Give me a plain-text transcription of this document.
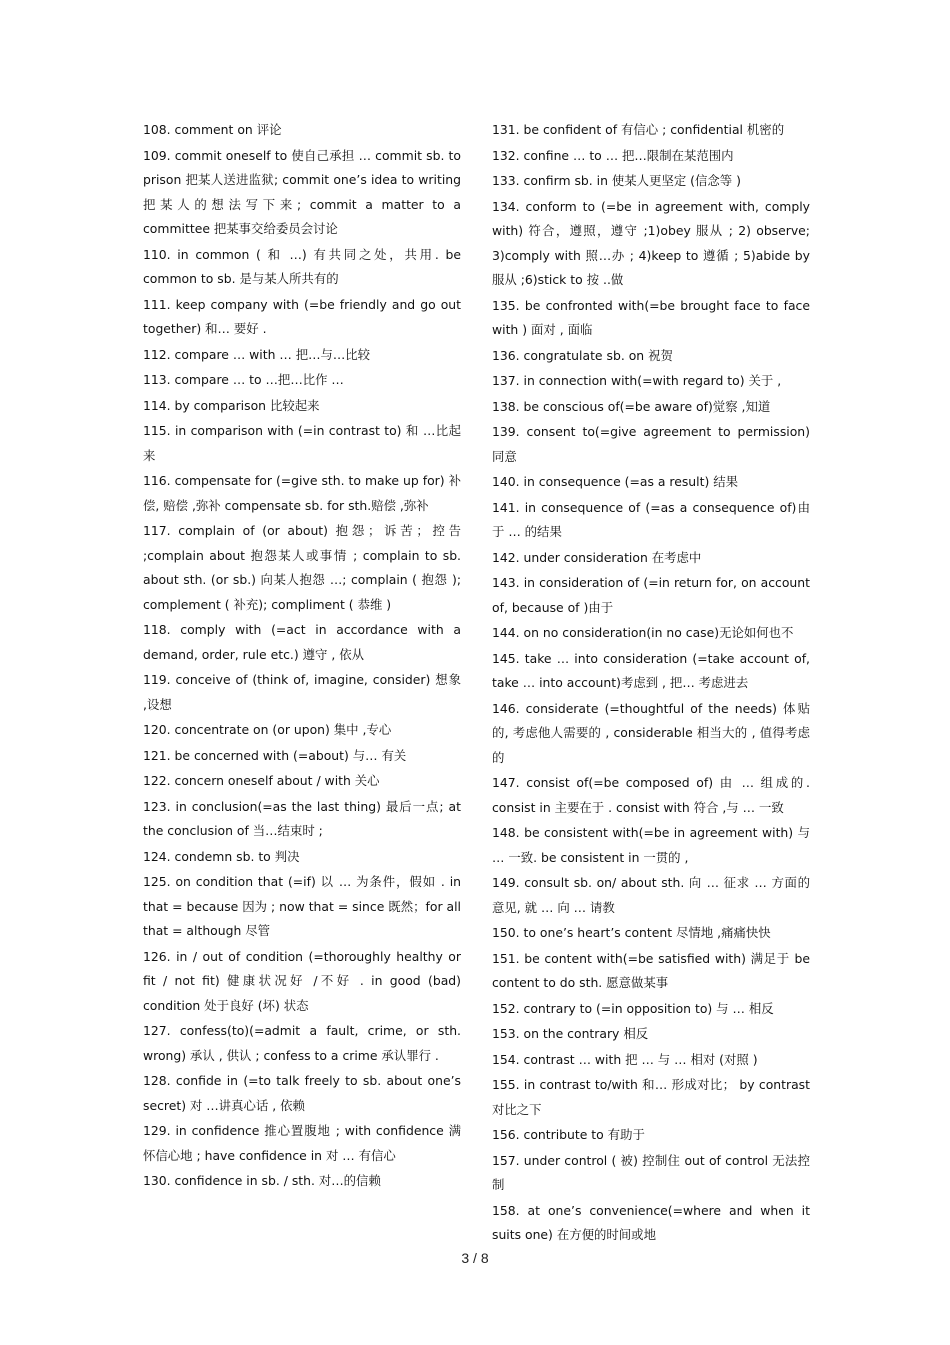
108. comment on 评论

109. commit oneself to 使自己承担 … commit sb. to prison 把某人送进监狱; commit one’s idea to writing 把某人的想法写下来; commit a matter to a committee 把某事交给委员会讨论

110. in common ( 和 …) 有共同之处，共用. be common to sb. 是与某人所共有的

111. keep company with (=be friendly and go out together) 和… 要好 .

112. compare … with … 把…与…比较

113. compare … to …把…比作 …

114. by comparison 比较起来

115. in comparison with (=in contrast to) 和 …比起来

116. compensate for (=give sth. to make up for) 补偿, 赔偿 ,弥补 compensate sb. for sth.赔偿 ,弥补

117. complain of (or about) 抱怨；诉苦；控告 ;complain about 抱怨某人或事情 ; complain to sb. about sth. (or sb.) 向某人抱怨 …; complain ( 抱怨 ); complement ( 补充); compliment ( 恭维 )

118. comply with (=act in accordance with a demand, order, rule etc.) 遵守 , 依从

119. conceive of (think of, imagine, consider) 想象 ,设想

120. concentrate on (or upon) 集中 ,专心

121. be concerned with (=about) 与… 有关

122. concern oneself about / with 关心

123. in conclusion(=as the last thing) 最后一点; at the conclusion of 当…结束时 ;

124. condemn sb. to 判决

125. on condition that (=if) 以 … 为条件，假如 . in that = because 因为 ; now that = since 既然；for all that = although 尽管

126. in / out of condition (=thoroughly healthy or fit / not fit) 健康状况好 /不好 . in good (bad) condition 处于良好 (坏) 状态

127. confess(to)(=admit a fault, crime, or sth. wrong) 承认 , 供认 ; confess to a crime 承认罪行 .

128. confide in (=to talk freely to sb. about one’s secret) 对 …讲真心话 , 依赖

129. in confidence 推心置腹地 ; with confidence 满怀信心地 ; have confidence in 对 … 有信心

130. confidence in sb. / sth. 对…的信赖

131. be confident of 有信心 ; confidential 机密的

132. confine … to … 把…限制在某范围内

133. confirm sb. in 使某人更坚定 (信念等 )

134. conform to (=be in agreement with, comply with) 符合，遵照，遵守 ;1)obey 服从 ; 2) observe; 3)comply with 照…办 ; 4)keep to 遵循 ; 5)abide by 服从 ;6)stick to 按 ..做

135. be confronted with(=be brought face to face with ) 面对 , 面临

136. congratulate sb. on 祝贺

137. in connection with(=with regard to) 关于 ,

138. be conscious of(=be aware of)觉察 ,知道

139. consent to(=give agreement to permission) 同意

140. in consequence (=as a result) 结果

141. in consequence of (=as a consequence of)由于 … 的结果

142. under consideration 在考虑中

143. in consideration of (=in return for, on account of, because of )由于

144. on no consideration(in no case)无论如何也不

145. take … into consideration (=take account of, take … into account)考虑到 , 把… 考虑进去

146. considerate (=thoughtful of the needs) 体贴的, 考虑他人需要的 , considerable 相当大的 , 值得考虑的

147. consist of(=be composed of) 由 … 组成的. consist in 主要在于 . consist with 符合 ,与 … 一致

148. be consistent with(=be in agreement with) 与 … 一致. be consistent in 一贯的 ,

149. consult sb. on/ about sth. 向 … 征求 … 方面的意见, 就 … 向 … 请教

150. to one’s heart’s content 尽情地 ,痛痛快快

151. be content with(=be satisfied with) 满足于 be content to do sth. 愿意做某事

152. contrary to (=in opposition to) 与 … 相反

153. on the contrary 相反

154. contrast … with 把 … 与 … 相对 (对照 )

155. in contrast to/with 和… 形成对比； by contrast 对比之下

156. contribute to 有助于

157. under control ( 被) 控制住 out of control 无法控制

158. at one’s convenience(=where and when it suits one) 在方便的时间或地

3 / 8
